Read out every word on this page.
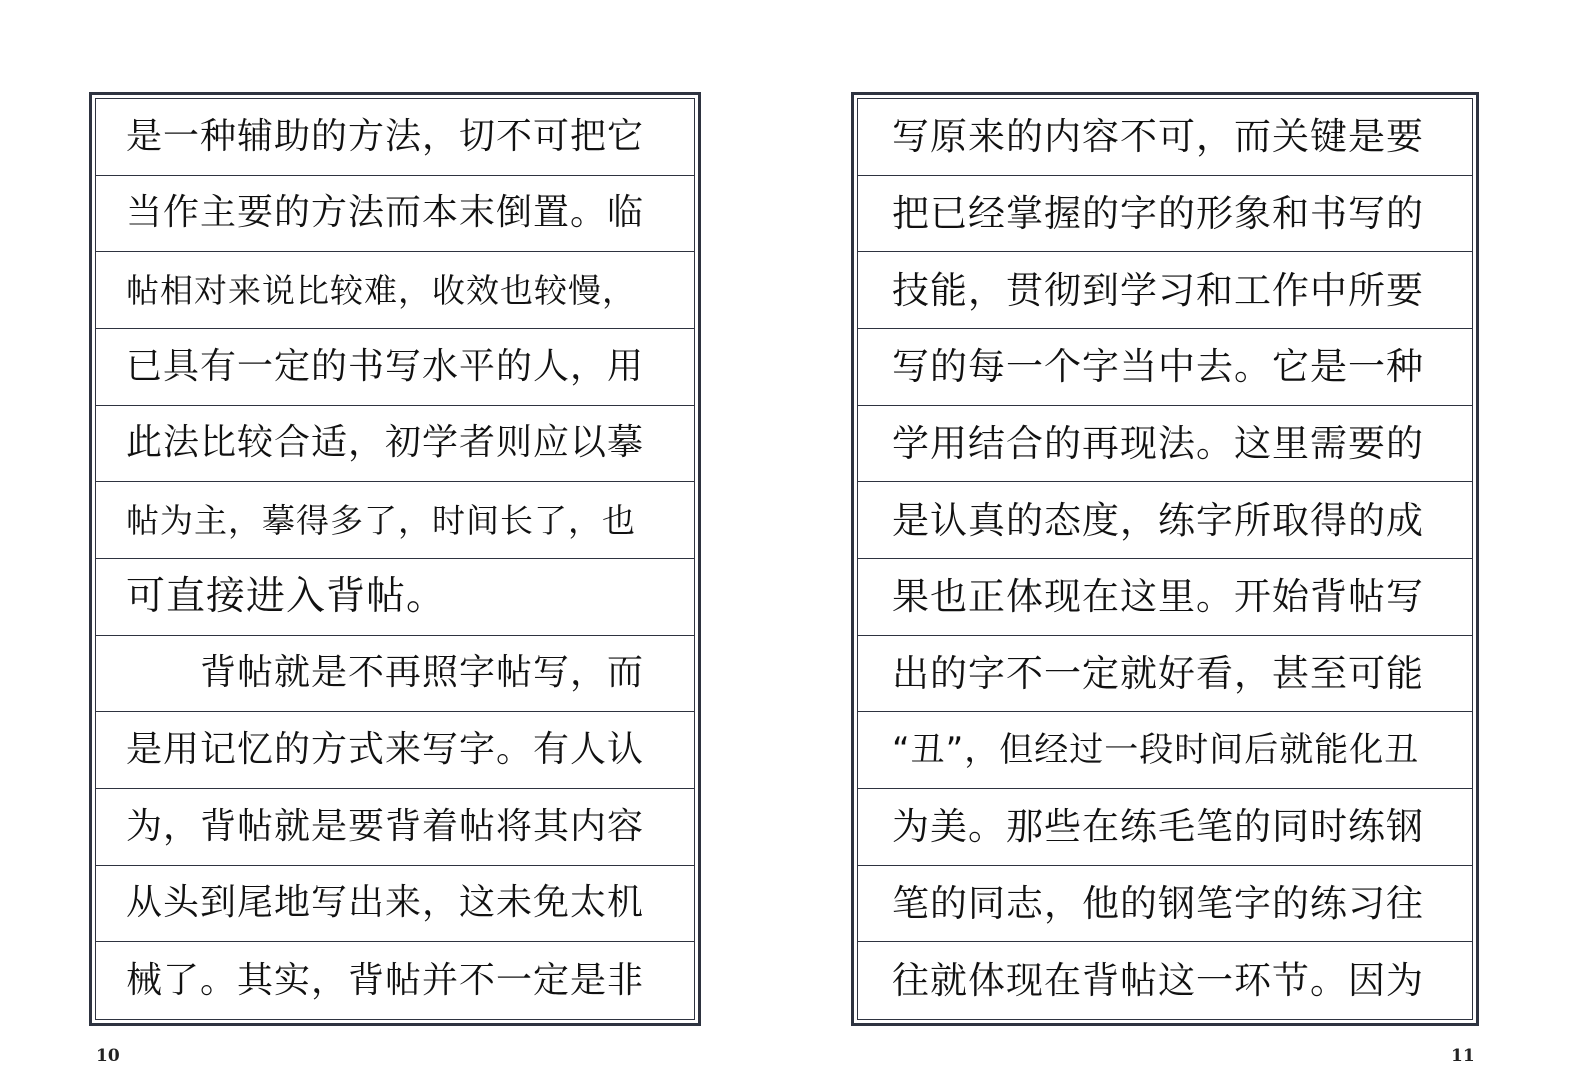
是一种辅助的方法，切不可把它
当作主要的方法而本末倒置。临
帖相对来说比较难，收效也较慢，
已具有一定的书写水平的人，用
此法比较合适，初学者则应以摹
帖为主，摹得多了，时间长了，也
可直接进入背帖。
　　背帖就是不再照字帖写，而
是用记忆的方式来写字。有人认
为，背帖就是要背着帖将其内容
从头到尾地写出来，这未免太机
械了。其实，背帖并不一定是非
写原来的内容不可，而关键是要
把已经掌握的字的形象和书写的
技能，贯彻到学习和工作中所要
写的每一个字当中去。它是一种
学用结合的再现法。这里需要的
是认真的态度，练字所取得的成
果也正体现在这里。开始背帖写
出的字不一定就好看，甚至可能
“丑”，但经过一段时间后就能化丑
为美。那些在练毛笔的同时练钢
笔的同志，他的钢笔字的练习往
往就体现在背帖这一环节。因为
10	11
